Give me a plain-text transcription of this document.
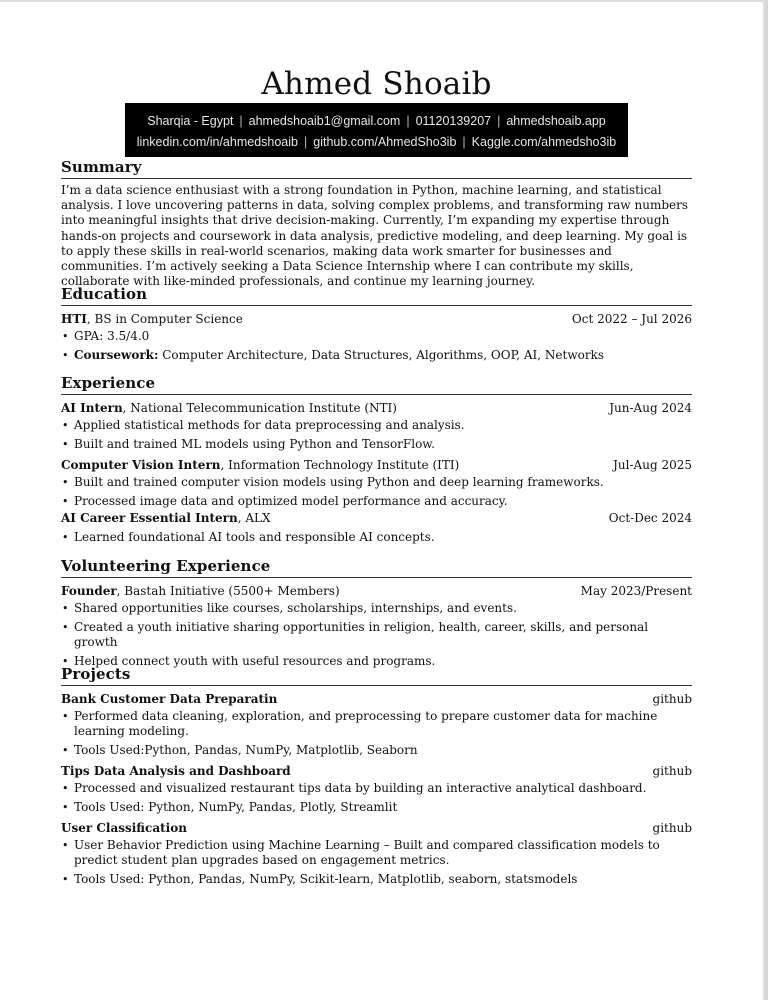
Ahmed Shoaib
Sharqia - Egypt | ahmedshoaib1@gmail.com | 01120139207 | ahmedshoaib.app
linkedin.com/in/ahmedshoaib | github.com/AhmedSho3ib | Kaggle.com/ahmedsho3ib
Summary
I’m a data science enthusiast with a strong foundation in Python, machine learning, and statistical analysis. I love uncovering patterns in data, solving complex problems, and transforming raw numbers into meaningful insights that drive decision-making. Currently, I’m expanding my expertise through hands-on projects and coursework in data analysis, predictive modeling, and deep learning. My goal is to apply these skills in real-world scenarios, making data work smarter for businesses and communities. I’m actively seeking a Data Science Internship where I can contribute my skills, collaborate with like-minded professionals, and continue my learning journey.
Education
HTI, BS in Computer Science	Oct 2022 – Jul 2026
• GPA: 3.5/4.0
• Coursework: Computer Architecture, Data Structures, Algorithms, OOP, AI, Networks
Experience
AI Intern, National Telecommunication Institute (NTI)	Jun-Aug 2024
• Applied statistical methods for data preprocessing and analysis.
• Built and trained ML models using Python and TensorFlow.
Computer Vision Intern, Information Technology Institute (ITI)	Jul-Aug 2025
• Built and trained computer vision models using Python and deep learning frameworks.
• Processed image data and optimized model performance and accuracy.
AI Career Essential Intern, ALX	Oct-Dec 2024
• Learned foundational AI tools and responsible AI concepts.
Volunteering Experience
Founder, Bastah Initiative (5500+ Members)	May 2023/Present
• Shared opportunities like courses, scholarships, internships, and events.
• Created a youth initiative sharing opportunities in religion, health, career, skills, and personal growth
• Helped connect youth with useful resources and programs.
Projects
Bank Customer Data Preparatin	github
• Performed data cleaning, exploration, and preprocessing to prepare customer data for machine learning modeling.
• Tools Used:Python, Pandas, NumPy, Matplotlib, Seaborn
Tips Data Analysis and Dashboard	github
• Processed and visualized restaurant tips data by building an interactive analytical dashboard.
• Tools Used: Python, NumPy, Pandas, Plotly, Streamlit
User Classification	github
• User Behavior Prediction using Machine Learning – Built and compared classification models to predict student plan upgrades based on engagement metrics.
• Tools Used: Python, Pandas, NumPy, Scikit-learn, Matplotlib, seaborn, statsmodels
